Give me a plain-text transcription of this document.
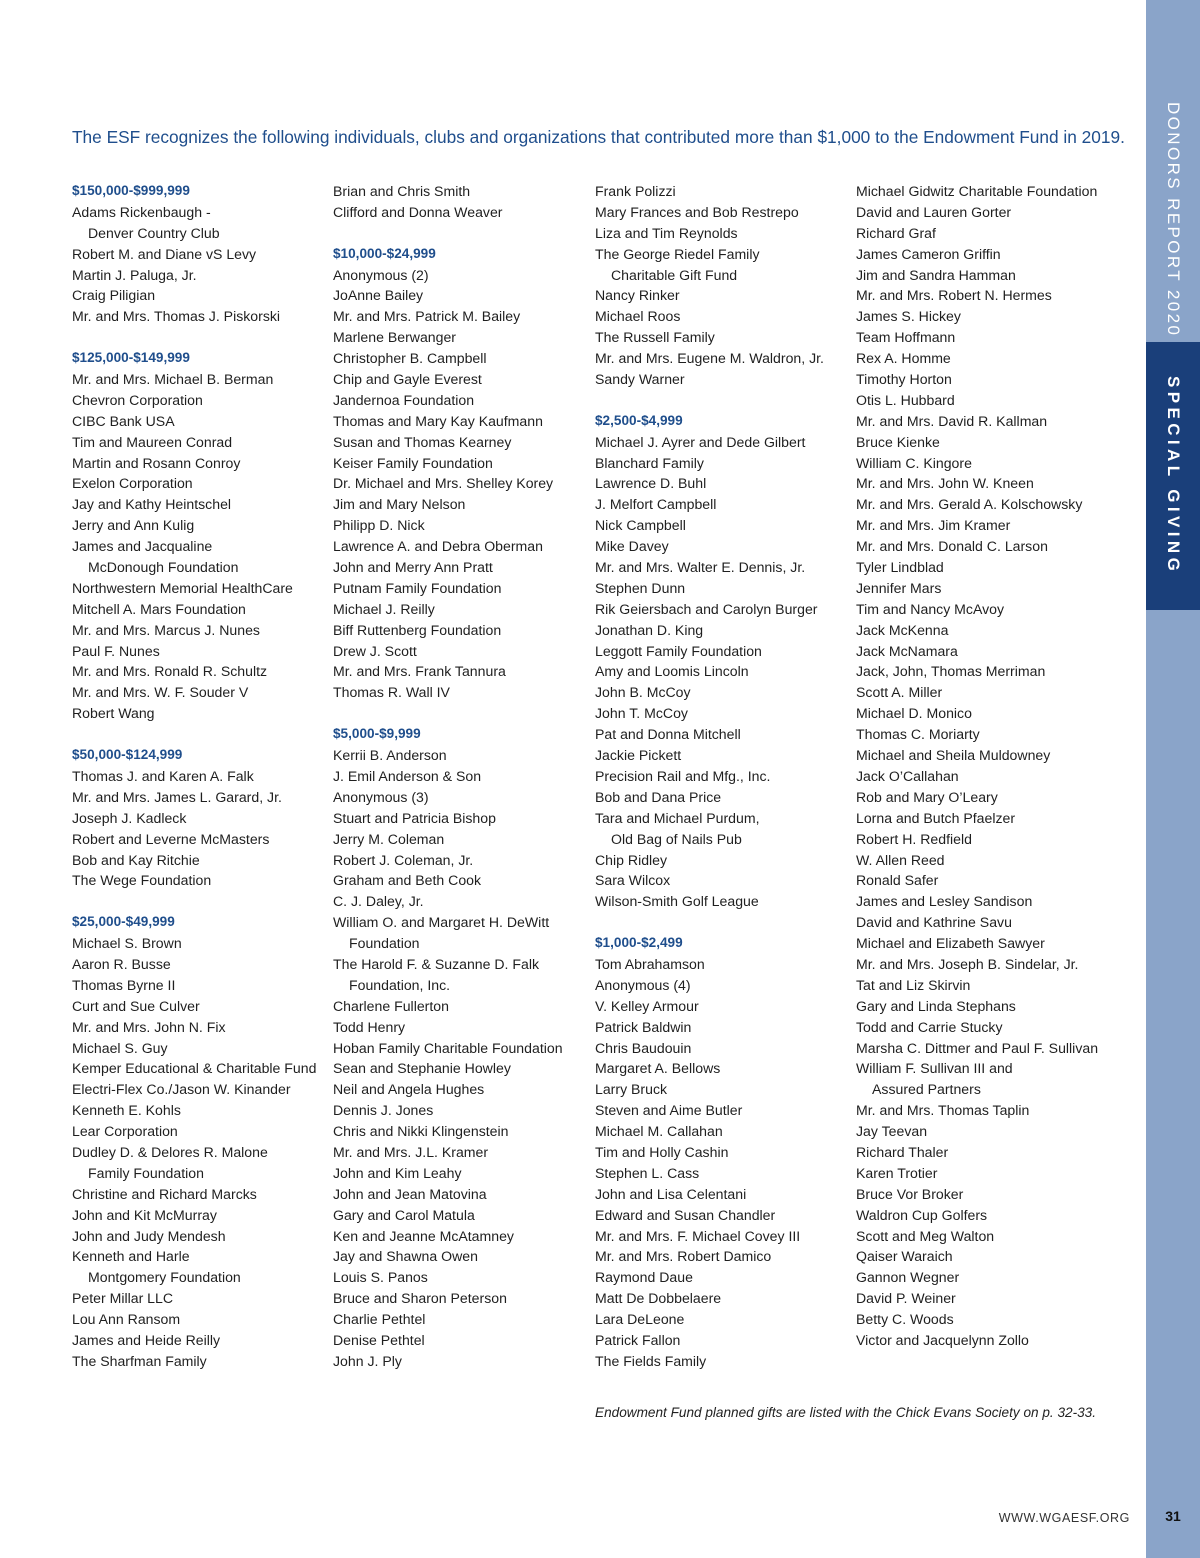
DONORS REPORT 2020
SPECIAL GIVING
The ESF recognizes the following individuals, clubs and organizations that contributed more than $1,000 to the Endowment Fund in 2019.
$150,000-$999,999
Adams Rickenbaugh -
Denver Country Club
Robert M. and Diane vS Levy
Martin J. Paluga, Jr.
Craig Piligian
Mr. and Mrs. Thomas J. Piskorski
$125,000-$149,999
Mr. and Mrs. Michael B. Berman
Chevron Corporation
CIBC Bank USA
Tim and Maureen Conrad
Martin and Rosann Conroy
Exelon Corporation
Jay and Kathy Heintschel
Jerry and Ann Kulig
James and Jacqualine
McDonough Foundation
Northwestern Memorial HealthCare
Mitchell A. Mars Foundation
Mr. and Mrs. Marcus J. Nunes
Paul F. Nunes
Mr. and Mrs. Ronald R. Schultz
Mr. and Mrs. W. F. Souder V
Robert Wang
$50,000-$124,999
Thomas J. and Karen A. Falk
Mr. and Mrs. James L. Garard, Jr.
Joseph J. Kadleck
Robert and Leverne McMasters
Bob and Kay Ritchie
The Wege Foundation
$25,000-$49,999
Michael S. Brown
Aaron R. Busse
Thomas Byrne II
Curt and Sue Culver
Mr. and Mrs. John N. Fix
Michael S. Guy
Kemper Educational & Charitable Fund
Electri-Flex Co./Jason W. Kinander
Kenneth E. Kohls
Lear Corporation
Dudley D. & Delores R. Malone
Family Foundation
Christine and Richard Marcks
John and Kit McMurray
John and Judy Mendesh
Kenneth and Harle
Montgomery Foundation
Peter Millar LLC
Lou Ann Ransom
James and Heide Reilly
The Sharfman Family
Brian and Chris Smith
Clifford and Donna Weaver
$10,000-$24,999
Anonymous (2)
JoAnne Bailey
Mr. and Mrs. Patrick M. Bailey
Marlene Berwanger
Christopher B. Campbell
Chip and Gayle Everest
Jandernoa Foundation
Thomas and Mary Kay Kaufmann
Susan and Thomas Kearney
Keiser Family Foundation
Dr. Michael and Mrs. Shelley Korey
Jim and Mary Nelson
Philipp D. Nick
Lawrence A. and Debra Oberman
John and Merry Ann Pratt
Putnam Family Foundation
Michael J. Reilly
Biff Ruttenberg Foundation
Drew J. Scott
Mr. and Mrs. Frank Tannura
Thomas R. Wall IV
$5,000-$9,999
Kerrii B. Anderson
J. Emil Anderson & Son
Anonymous (3)
Stuart and Patricia Bishop
Jerry M. Coleman
Robert J. Coleman, Jr.
Graham and Beth Cook
C. J. Daley, Jr.
William O. and Margaret H. DeWitt
Foundation
The Harold F. & Suzanne D. Falk
Foundation, Inc.
Charlene Fullerton
Todd Henry
Hoban Family Charitable Foundation
Sean and Stephanie Howley
Neil and Angela Hughes
Dennis J. Jones
Chris and Nikki Klingenstein
Mr. and Mrs. J.L. Kramer
John and Kim Leahy
John and Jean Matovina
Gary and Carol Matula
Ken and Jeanne McAtamney
Jay and Shawna Owen
Louis S. Panos
Bruce and Sharon Peterson
Charlie Pethtel
Denise Pethtel
John J. Ply
Frank Polizzi
Mary Frances and Bob Restrepo
Liza and Tim Reynolds
The George Riedel Family
Charitable Gift Fund
Nancy Rinker
Michael Roos
The Russell Family
Mr. and Mrs. Eugene M. Waldron, Jr.
Sandy Warner
$2,500-$4,999
Michael J. Ayrer and Dede Gilbert
Blanchard Family
Lawrence D. Buhl
J. Melfort Campbell
Nick Campbell
Mike Davey
Mr. and Mrs. Walter E. Dennis, Jr.
Stephen Dunn
Rik Geiersbach and Carolyn Burger
Jonathan D. King
Leggott Family Foundation
Amy and Loomis Lincoln
John B. McCoy
John T. McCoy
Pat and Donna Mitchell
Jackie Pickett
Precision Rail and Mfg., Inc.
Bob and Dana Price
Tara and Michael Purdum,
Old Bag of Nails Pub
Chip Ridley
Sara Wilcox
Wilson-Smith Golf League
$1,000-$2,499
Tom Abrahamson
Anonymous (4)
V. Kelley Armour
Patrick Baldwin
Chris Baudouin
Margaret A. Bellows
Larry Bruck
Steven and Aime Butler
Michael M. Callahan
Tim and Holly Cashin
Stephen L. Cass
John and Lisa Celentani
Edward and Susan Chandler
Mr. and Mrs. F. Michael Covey III
Mr. and Mrs. Robert Damico
Raymond Daue
Matt De Dobbelaere
Lara DeLeone
Patrick Fallon
The Fields Family
Michael Gidwitz Charitable Foundation
David and Lauren Gorter
Richard Graf
James Cameron Griffin
Jim and Sandra Hamman
Mr. and Mrs. Robert N. Hermes
James S. Hickey
Team Hoffmann
Rex A. Homme
Timothy Horton
Otis L. Hubbard
Mr. and Mrs. David R. Kallman
Bruce Kienke
William C. Kingore
Mr. and Mrs. John W. Kneen
Mr. and Mrs. Gerald A. Kolschowsky
Mr. and Mrs. Jim Kramer
Mr. and Mrs. Donald C. Larson
Tyler Lindblad
Jennifer Mars
Tim and Nancy McAvoy
Jack McKenna
Jack McNamara
Jack, John, Thomas Merriman
Scott A. Miller
Michael D. Monico
Thomas C. Moriarty
Michael and Sheila Muldowney
Jack O’Callahan
Rob and Mary O’Leary
Lorna and Butch Pfaelzer
Robert H. Redfield
W. Allen Reed
Ronald Safer
James and Lesley Sandison
David and Kathrine Savu
Michael and Elizabeth Sawyer
Mr. and Mrs. Joseph B. Sindelar, Jr.
Tat and Liz Skirvin
Gary and Linda Stephans
Todd and Carrie Stucky
Marsha C. Dittmer and Paul F. Sullivan
William F. Sullivan III and
Assured Partners
Mr. and Mrs. Thomas Taplin
Jay Teevan
Richard Thaler
Karen Trotier
Bruce Vor Broker
Waldron Cup Golfers
Scott and Meg Walton
Qaiser Waraich
Gannon Wegner
David P. Weiner
Betty C. Woods
Victor and Jacquelynn Zollo
Endowment Fund planned gifts are listed with the Chick Evans Society on p. 32-33.
WWW.WGAESF.ORG	31
